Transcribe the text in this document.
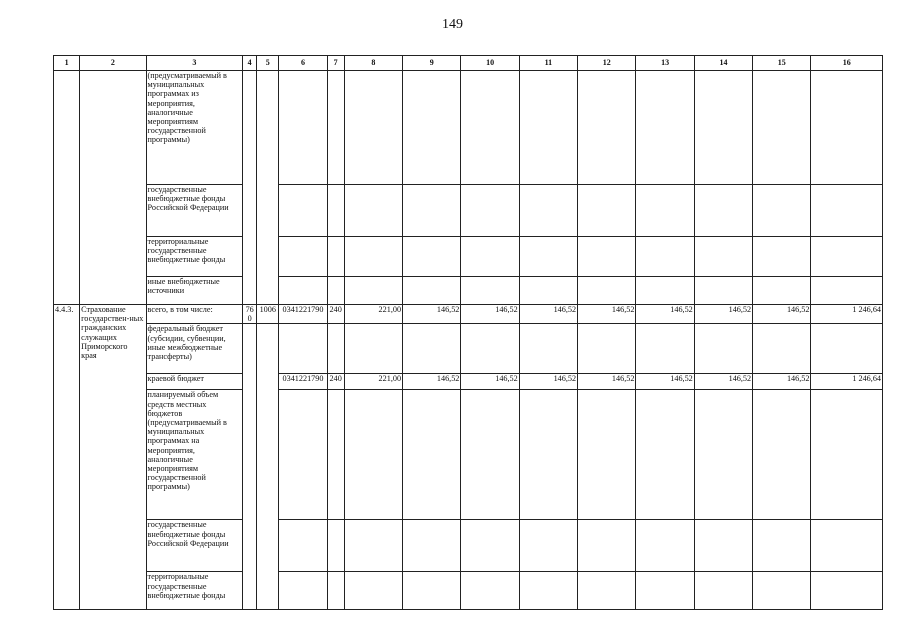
149
1	2	3	4	5	6	7	8	9	10	11	12	13	14	15	16
		(предусматриваемый в муниципальных программах из мероприятия, аналогичные мероприятиям государственной программы)													
		государственные внебюджетные фонды Российской Федерации													
		территориальные государственные внебюджетные фонды													
		иные внебюджетные источники													
4.4.3.	Страхование государствен-ных гражданских служащих Приморского края	всего, в том числе:	760	1006	0341221790	240	221,00	146,52	146,52	146,52	146,52	146,52	146,52	146,52	1 246,64
		федеральный бюджет (субсидии, субвенции, иные межбюджетные трансферты)													
		краевой бюджет			0341221790	240	221,00	146,52	146,52	146,52	146,52	146,52	146,52	146,52	1 246,64
		планируемый объем средств местных бюджетов (предусматриваемый в муниципальных программах на мероприятия, аналогичные мероприятиям государственной программы)													
		государственные внебюджетные фонды Российской Федерации													
		территориальные государственные внебюджетные фонды													
